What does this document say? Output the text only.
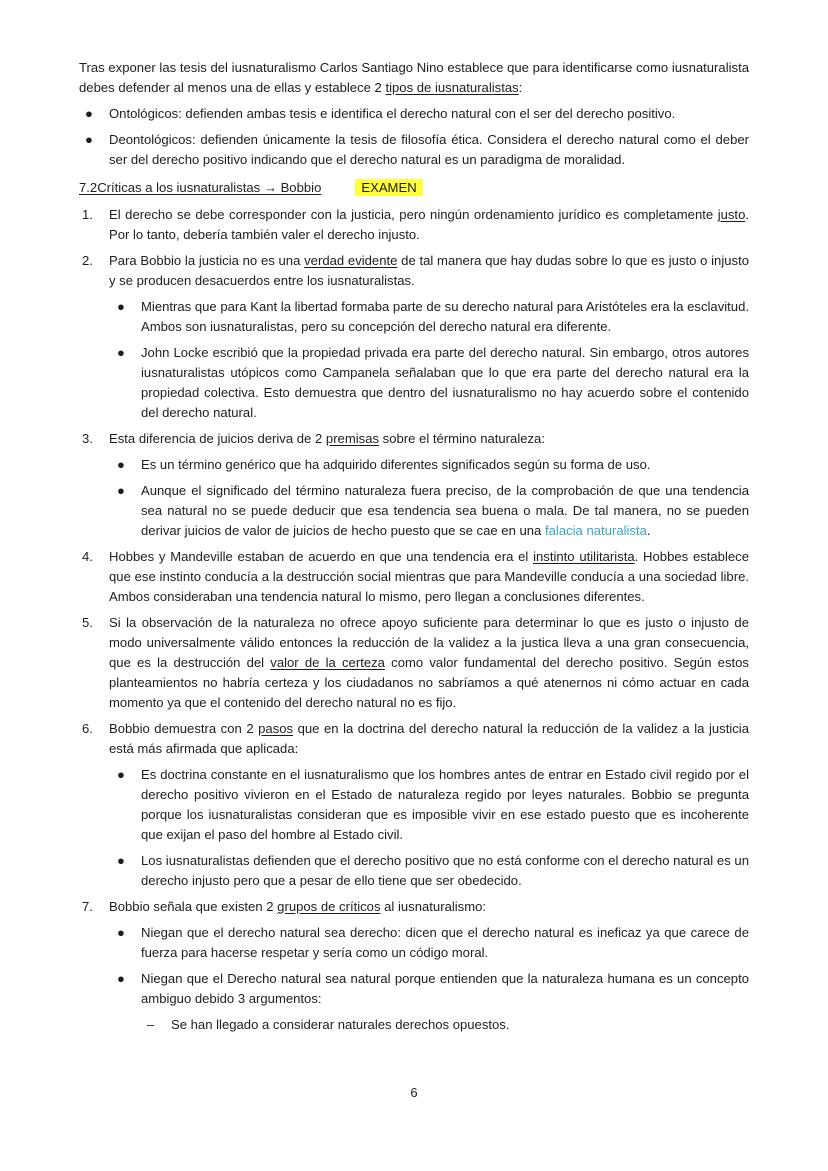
Tras exponer las tesis del iusnaturalismo Carlos Santiago Nino establece que para identificarse como iusnaturalista debes defender al menos una de ellas y establece 2 tipos de iusnaturalistas:

● Ontológicos: defienden ambas tesis e identifica el derecho natural con el ser del derecho positivo.
● Deontológicos: defienden únicamente la tesis de filosofía ética. Considera el derecho natural como el deber ser del derecho positivo indicando que el derecho natural es un paradigma de moralidad.

7.2Críticas a los iusnaturalistas → Bobbio	EXAMEN

1. El derecho se debe corresponder con la justicia, pero ningún ordenamiento jurídico es completamente justo. Por lo tanto, debería también valer el derecho injusto.
2. Para Bobbio la justicia no es una verdad evidente de tal manera que hay dudas sobre lo que es justo o injusto y se producen desacuerdos entre los iusnaturalistas.
● Mientras que para Kant la libertad formaba parte de su derecho natural para Aristóteles era la esclavitud. Ambos son iusnaturalistas, pero su concepción del derecho natural era diferente.
● John Locke escribió que la propiedad privada era parte del derecho natural. Sin embargo, otros autores iusnaturalistas utópicos como Campanela señalaban que lo que era parte del derecho natural era la propiedad colectiva. Esto demuestra que dentro del iusnaturalismo no hay acuerdo sobre el contenido del derecho natural.
3. Esta diferencia de juicios deriva de 2 premisas sobre el término naturaleza:
● Es un término genérico que ha adquirido diferentes significados según su forma de uso.
● Aunque el significado del término naturaleza fuera preciso, de la comprobación de que una tendencia sea natural no se puede deducir que esa tendencia sea buena o mala. De tal manera, no se pueden derivar juicios de valor de juicios de hecho puesto que se cae en una falacia naturalista.
4. Hobbes y Mandeville estaban de acuerdo en que una tendencia era el instinto utilitarista. Hobbes establece que ese instinto conducía a la destrucción social mientras que para Mandeville conducía a una sociedad libre. Ambos consideraban una tendencia natural lo mismo, pero llegan a conclusiones diferentes.
5. Si la observación de la naturaleza no ofrece apoyo suficiente para determinar lo que es justo o injusto de modo universalmente válido entonces la reducción de la validez a la justica lleva a una gran consecuencia, que es la destrucción del valor de la certeza como valor fundamental del derecho positivo. Según estos planteamientos no habría certeza y los ciudadanos no sabríamos a qué atenernos ni cómo actuar en cada momento ya que el contenido del derecho natural no es fijo.
6. Bobbio demuestra con 2 pasos que en la doctrina del derecho natural la reducción de la validez a la justicia está más afirmada que aplicada:
● Es doctrina constante en el iusnaturalismo que los hombres antes de entrar en Estado civil regido por el derecho positivo vivieron en el Estado de naturaleza regido por leyes naturales. Bobbio se pregunta porque los iusnaturalistas consideran que es imposible vivir en ese estado puesto que es incoherente que exijan el paso del hombre al Estado civil.
● Los iusnaturalistas defienden que el derecho positivo que no está conforme con el derecho natural es un derecho injusto pero que a pesar de ello tiene que ser obedecido.
7. Bobbio señala que existen 2 grupos de críticos al iusnaturalismo:
● Niegan que el derecho natural sea derecho: dicen que el derecho natural es ineficaz ya que carece de fuerza para hacerse respetar y sería como un código moral.
● Niegan que el Derecho natural sea natural porque entienden que la naturaleza humana es un concepto ambiguo debido 3 argumentos:
– Se han llegado a considerar naturales derechos opuestos.
6
